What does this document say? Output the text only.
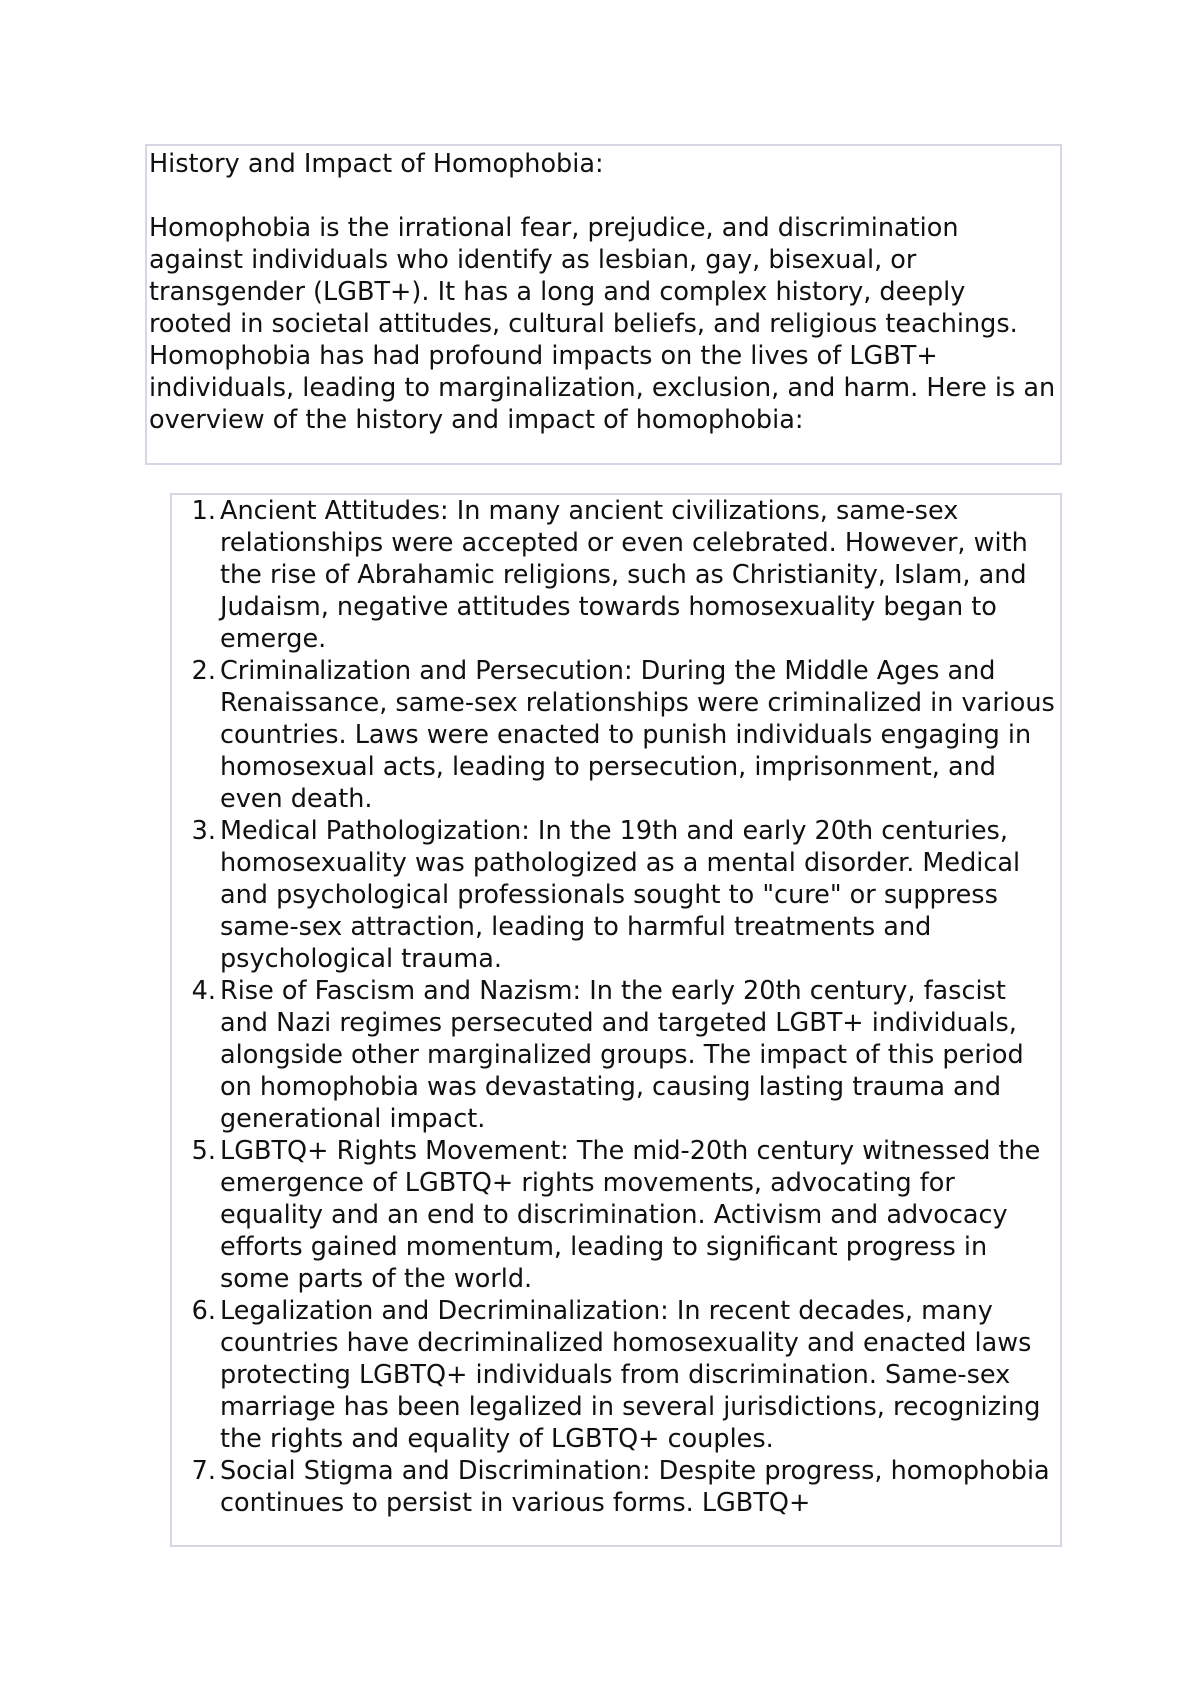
History and Impact of Homophobia:

Homophobia is the irrational fear, prejudice, and discrimination against individuals who identify as lesbian, gay, bisexual, or transgender (LGBT+). It has a long and complex history, deeply rooted in societal attitudes, cultural beliefs, and religious teachings. Homophobia has had profound impacts on the lives of LGBT+ individuals, leading to marginalization, exclusion, and harm. Here is an overview of the history and impact of homophobia:

1. Ancient Attitudes: In many ancient civilizations, same-sex relationships were accepted or even celebrated. However, with the rise of Abrahamic religions, such as Christianity, Islam, and Judaism, negative attitudes towards homosexuality began to emerge.
2. Criminalization and Persecution: During the Middle Ages and Renaissance, same-sex relationships were criminalized in various countries. Laws were enacted to punish individuals engaging in homosexual acts, leading to persecution, imprisonment, and even death.
3. Medical Pathologization: In the 19th and early 20th centuries, homosexuality was pathologized as a mental disorder. Medical and psychological professionals sought to "cure" or suppress same-sex attraction, leading to harmful treatments and psychological trauma.
4. Rise of Fascism and Nazism: In the early 20th century, fascist and Nazi regimes persecuted and targeted LGBT+ individuals, alongside other marginalized groups. The impact of this period on homophobia was devastating, causing lasting trauma and generational impact.
5. LGBTQ+ Rights Movement: The mid-20th century witnessed the emergence of LGBTQ+ rights movements, advocating for equality and an end to discrimination. Activism and advocacy efforts gained momentum, leading to significant progress in some parts of the world.
6. Legalization and Decriminalization: In recent decades, many countries have decriminalized homosexuality and enacted laws protecting LGBTQ+ individuals from discrimination. Same-sex marriage has been legalized in several jurisdictions, recognizing the rights and equality of LGBTQ+ couples.
7. Social Stigma and Discrimination: Despite progress, homophobia continues to persist in various forms. LGBTQ+
